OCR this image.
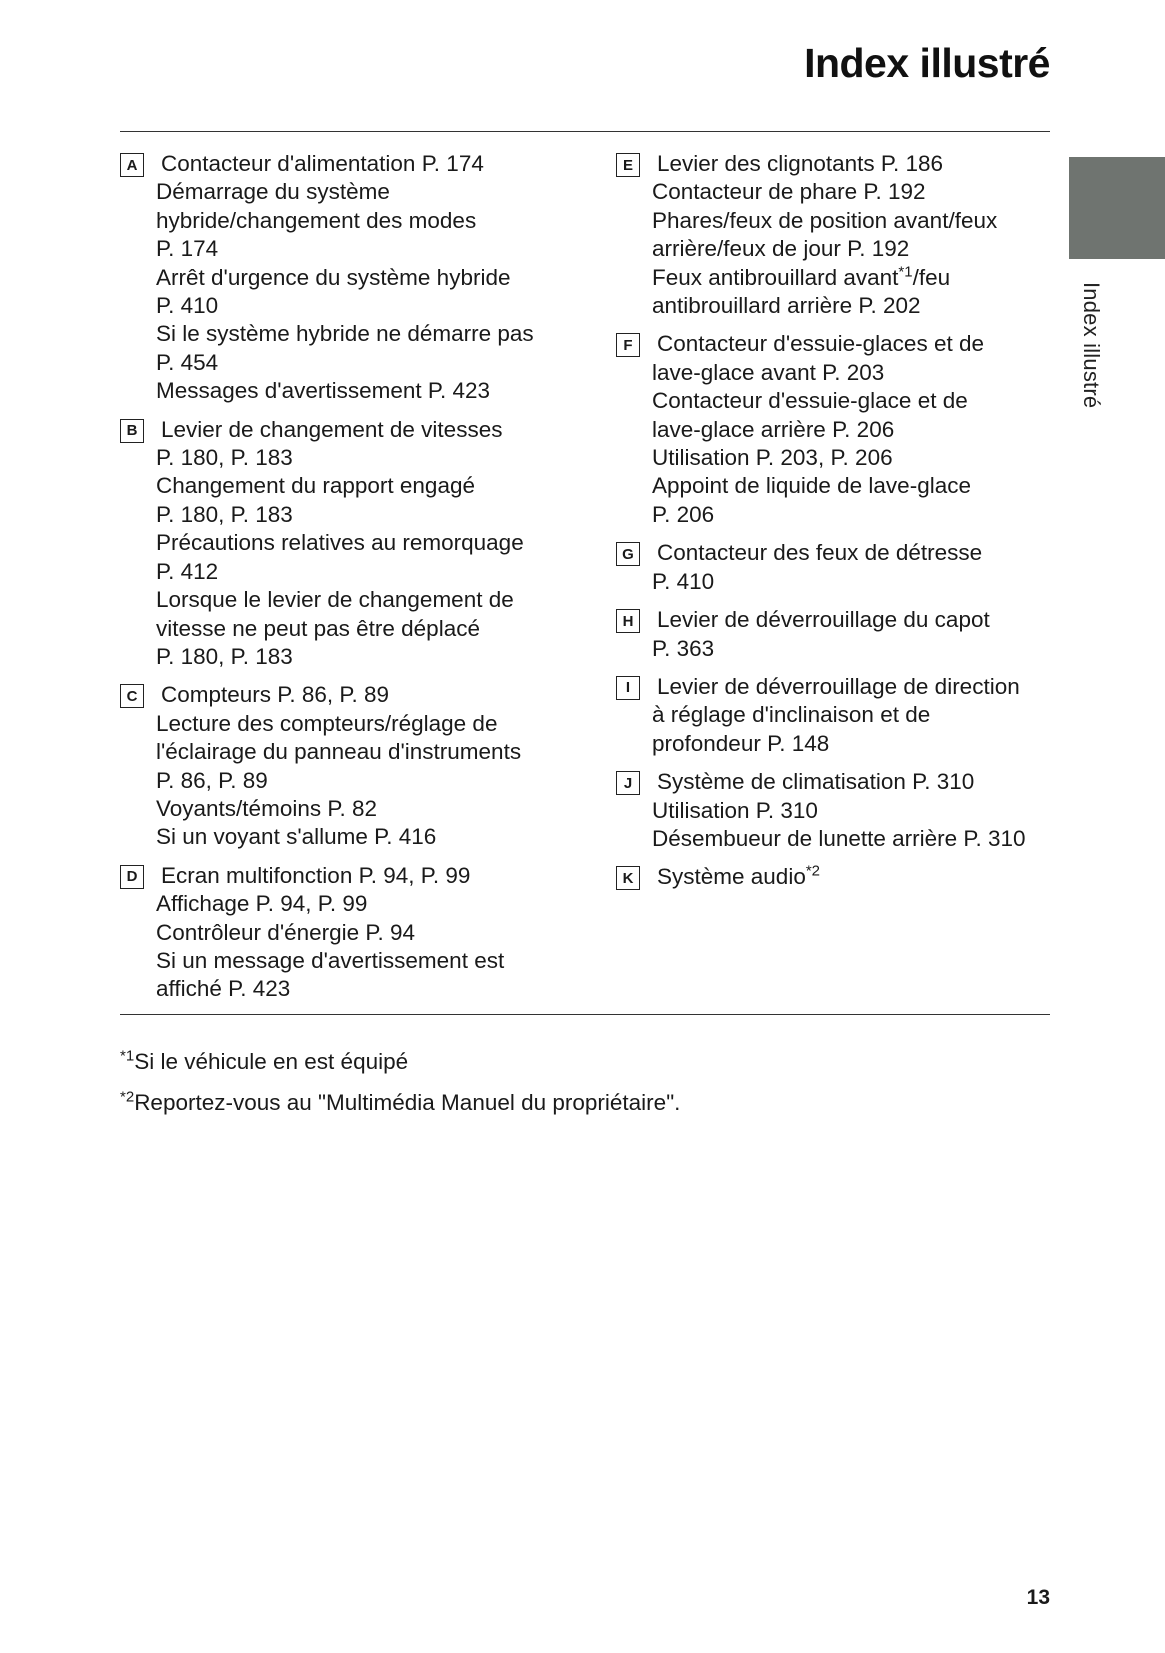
Index illustré
Index illustré
A Contacteur d'alimentation P. 174
Démarrage du système
hybride/changement des modes
P. 174
Arrêt d'urgence du système hybride
P. 410
Si le système hybride ne démarre pas
P. 454
Messages d'avertissement P. 423
B Levier de changement de vitesses
P. 180, P. 183
Changement du rapport engagé
P. 180, P. 183
Précautions relatives au remorquage
P. 412
Lorsque le levier de changement de
vitesse ne peut pas être déplacé
P. 180, P. 183
C Compteurs P. 86, P. 89
Lecture des compteurs/réglage de
l'éclairage du panneau d'instruments
P. 86, P. 89
Voyants/témoins P. 82
Si un voyant s'allume P. 416
D Ecran multifonction P. 94, P. 99
Affichage P. 94, P. 99
Contrôleur d'énergie P. 94
Si un message d'avertissement est
affiché P. 423
E	Levier des clignotants P. 186
Contacteur de phare P. 192
Phares/feux de position avant/feux
arrière/feux de jour P. 192
Feux antibrouillard avant$^{*1}$/feu
antibrouillard arrière P. 202
F	Contacteur d'essuie-glaces et de
lave-glace avant P. 203
Contacteur d'essuie-glace et de
lave-glace arrière P. 206
Utilisation P. 203, P. 206
Appoint de liquide de lave-glace
P. 206
G Contacteur des feux de détresse
P. 410
H Levier de déverrouillage du capot
P. 363
I	Levier de déverrouillage de direction
à réglage d'inclinaison et de
profondeur P. 148
J	Système de climatisation P. 310
Utilisation P. 310
Désembueur de lunette arrière P. 310
K Système audio$^{*2}$
$^{*1}$Si le véhicule en est équipé
$^{*2}$Reportez-vous au "Multimédia Manuel du propriétaire".
13
